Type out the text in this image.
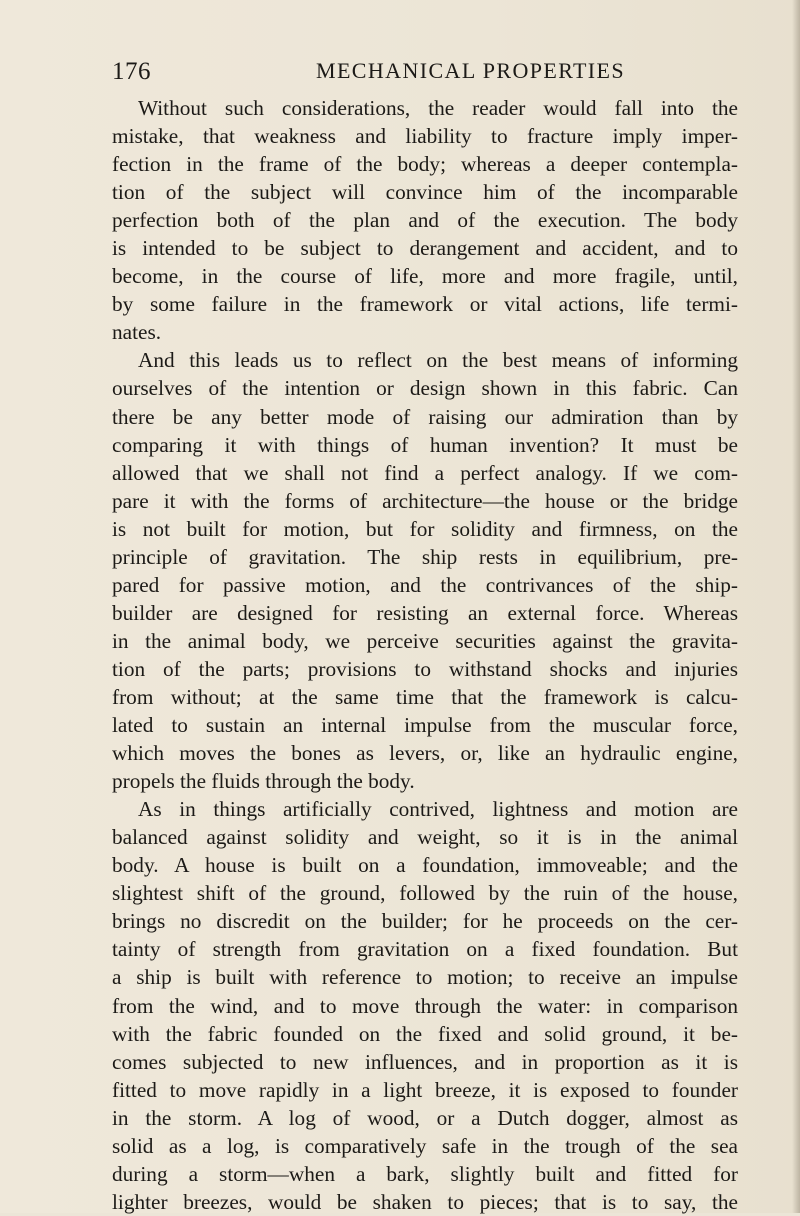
176	MECHANICAL PROPERTIES
Without such considerations, the reader would fall into the
mistake, that weakness and liability to fracture imply imper-
fection in the frame of the body; whereas a deeper contempla-
tion of the subject will convince him of the incomparable
perfection both of the plan and of the execution. The body
is intended to be subject to derangement and accident, and to
become, in the course of life, more and more fragile, until,
by some failure in the framework or vital actions, life termi-
nates.
And this leads us to reflect on the best means of informing
ourselves of the intention or design shown in this fabric. Can
there be any better mode of raising our admiration than by
comparing it with things of human invention? It must be
allowed that we shall not find a perfect analogy. If we com-
pare it with the forms of architecture—the house or the bridge
is not built for motion, but for solidity and firmness, on the
principle of gravitation. The ship rests in equilibrium, pre-
pared for passive motion, and the contrivances of the ship-
builder are designed for resisting an external force. Whereas
in the animal body, we perceive securities against the gravita-
tion of the parts; provisions to withstand shocks and injuries
from without; at the same time that the framework is calcu-
lated to sustain an internal impulse from the muscular force,
which moves the bones as levers, or, like an hydraulic engine,
propels the fluids through the body.
As in things artificially contrived, lightness and motion are
balanced against solidity and weight, so it is in the animal
body. A house is built on a foundation, immoveable; and the
slightest shift of the ground, followed by the ruin of the house,
brings no discredit on the builder; for he proceeds on the cer-
tainty of strength from gravitation on a fixed foundation. But
a ship is built with reference to motion; to receive an impulse
from the wind, and to move through the water: in comparison
with the fabric founded on the fixed and solid ground, it be-
comes subjected to new influences, and in proportion as it is
fitted to move rapidly in a light breeze, it is exposed to founder
in the storm. A log of wood, or a Dutch dogger, almost as
solid as a log, is comparatively safe in the trough of the sea
during a storm—when a bark, slightly built and fitted for
lighter breezes, would be shaken to pieces; that is to say, the
